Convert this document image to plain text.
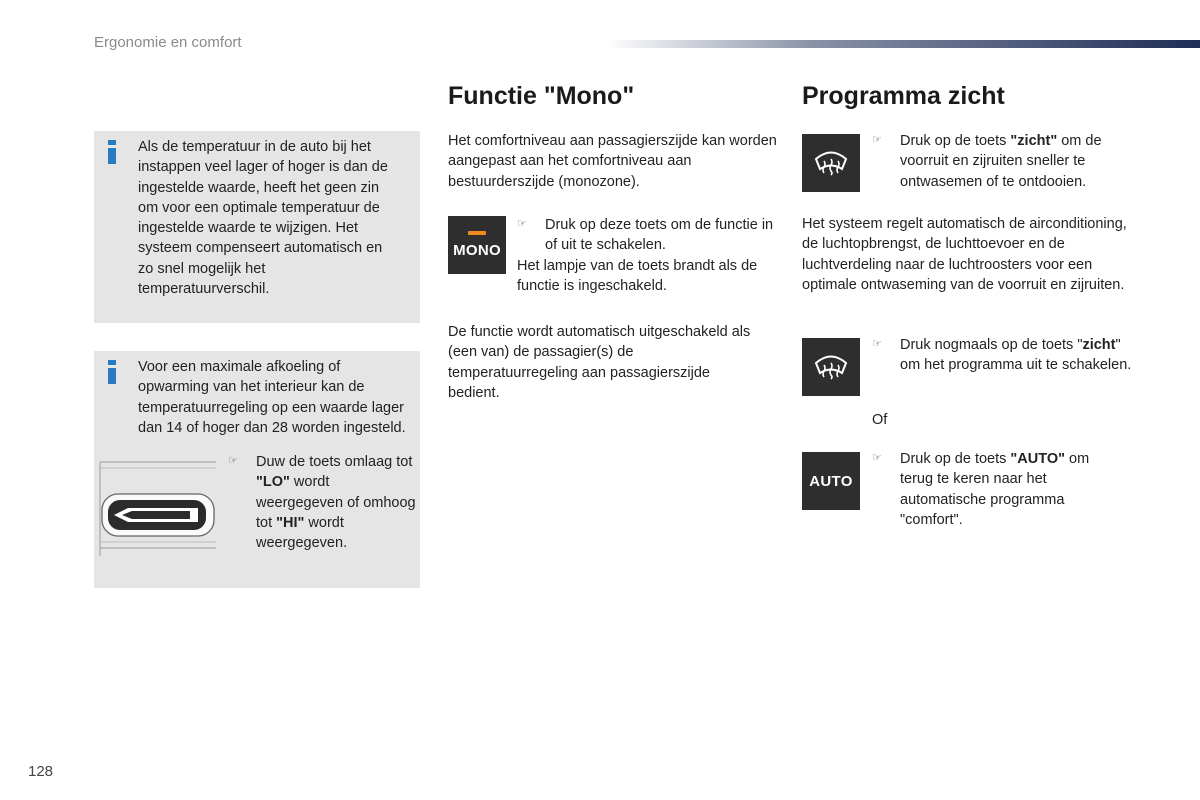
Ergonomie en comfort
Als de temperatuur in de auto bij het instappen veel lager of hoger is dan de ingestelde waarde, heeft het geen zin om voor een optimale temperatuur de ingestelde waarde te wijzigen. Het systeem compenseert automatisch en zo snel mogelijk het temperatuurverschil.
Voor een maximale afkoeling of opwarming van het interieur kan de temperatuurregeling op een waarde lager dan 14 of hoger dan 28 worden ingesteld.
☞	Duw de toets omlaag tot "LO" wordt weergegeven of omhoog tot "HI" wordt weergegeven.
Functie "Mono"
Het comfortniveau aan passagierszijde kan worden aangepast aan het comfortniveau aan bestuurderszijde (monozone).
MONO
☞	Druk op deze toets om de functie in of uit te schakelen.
Het lampje van de toets brandt als de functie is ingeschakeld.
De functie wordt automatisch uitgeschakeld als (een van) de passagier(s) de temperatuurregeling aan passagierszijde bedient.
Programma zicht
☞	Druk op de toets "zicht" om de voorruit en zijruiten sneller te ontwasemen of te ontdooien.
Het systeem regelt automatisch de airconditioning, de luchtopbrengst, de luchttoevoer en de luchtverdeling naar de luchtroosters voor een optimale ontwaseming van de voorruit en zijruiten.
☞	Druk nogmaals op de toets "zicht" om het programma uit te schakelen.
Of
AUTO
☞	Druk op de toets "AUTO" om terug te keren naar het automatische programma "comfort".
128
